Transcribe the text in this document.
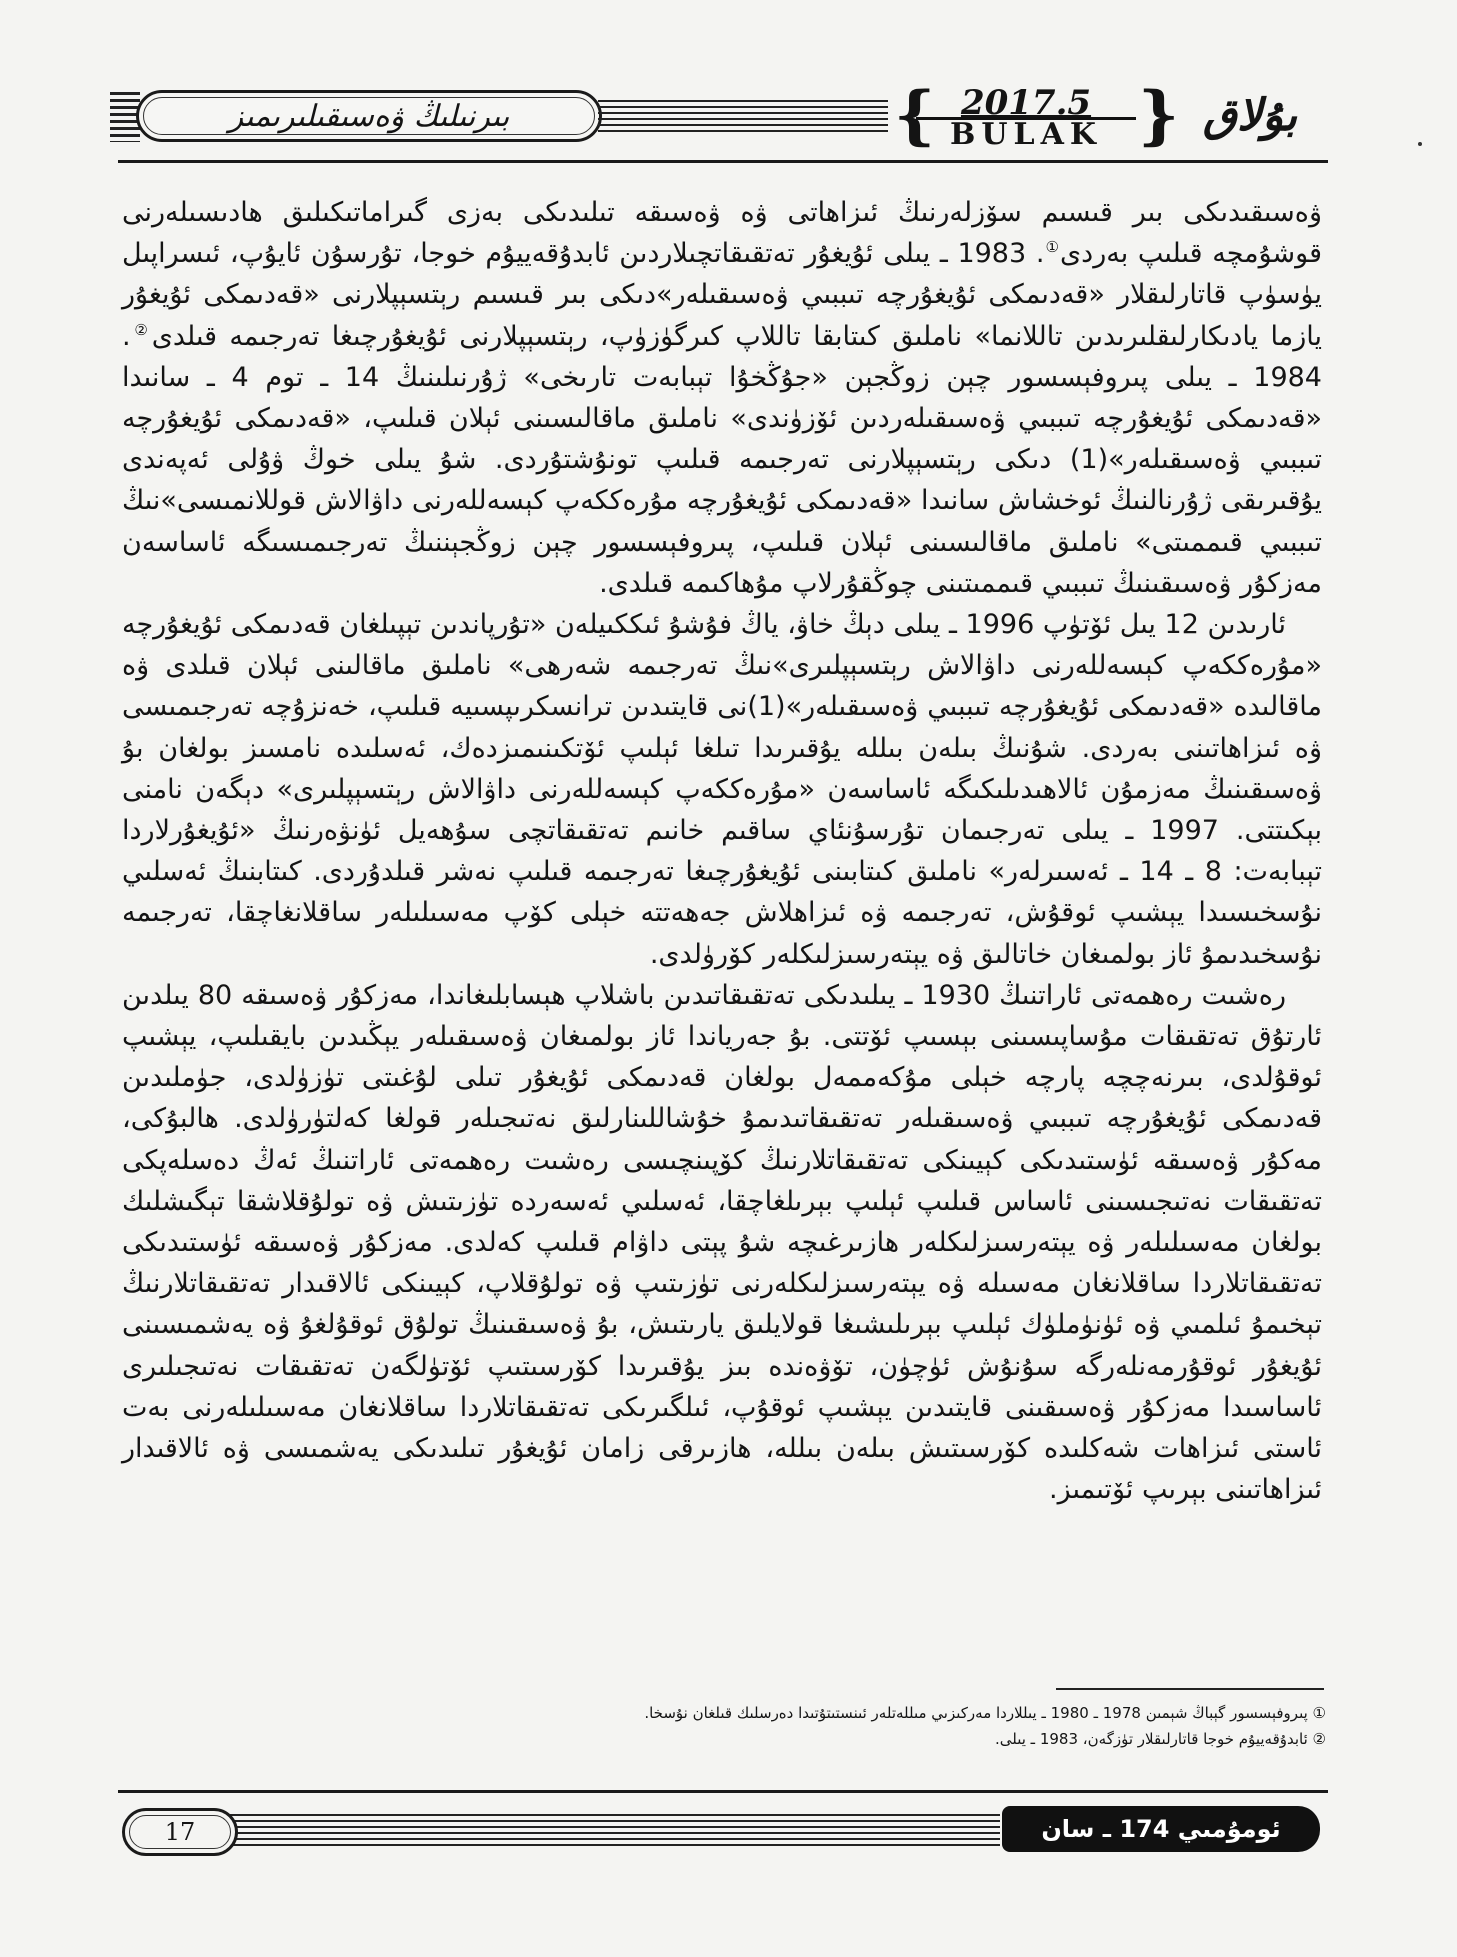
بىرنىلىڭ ۋەسىقىلىرىمىز	{ 2017.5
BULAK } بۇلاق

ۋەسىقىدىكى بىر قىسىم سۆزلەرنىڭ ئىزاھاتى ۋە ۋەسىقە تىلىدىكى بەزى گىراماتىكىلىق ھادىسىلەرنى قوشۇمچە قىلىپ بەردى①. 1983 ـ يىلى ئۇيغۇر تەتقىقاتچىلاردىن ئابدۇقەييۇم خوجا، تۇرسۇن ئايۇپ، ئىسراپىل يۈسۈپ قاتارلىقلار «قەدىمكى ئۇيغۇرچە تىببىي ۋەسىقىلەر»دىكى بىر قىسىم رېتسېپلارنى «قەدىمكى ئۇيغۇر يازما يادىكارلىقلىرىدىن تاللانما» ناملىق كىتابقا تاللاپ كىرگۈزۈپ، رېتسېپلارنى ئۇيغۇرچىغا تەرجىمە قىلدى②. 1984 ـ يىلى پىروفېسسور چېن زوڭجېن «جۇڭخۇا تېبابەت تارىخى» ژۇرنىلىنىڭ 14 ـ توم 4 ـ سانىدا «قەدىمكى ئۇيغۇرچە تىببىي ۋەسىقىلەردىن ئۆزۈندى» ناملىق ماقالىسىنى ئېلان قىلىپ، «قەدىمكى ئۇيغۇرچە تىببىي ۋەسىقىلەر»(1) دىكى رېتسېپلارنى تەرجىمە قىلىپ تونۇشتۇردى. شۇ يىلى خوڭ ۋۇلى ئەپەندى يۇقىرىقى ژۇرنالنىڭ ئوخشاش سانىدا «قەدىمكى ئۇيغۇرچە مۇرەككەپ كېسەللەرنى داۋالاش قوللانمىسى»نىڭ تىببىي قىممىتى» ناملىق ماقالىسىنى ئېلان قىلىپ، پىروفېسسور چېن زوڭجېننىڭ تەرجىمىسىگە ئاساسەن مەزكۇر ۋەسىقىنىڭ تىببىي قىممىتىنى چوڭقۇرلاپ مۇھاكىمە قىلدى.

ئارىدىن 12 يىل ئۆتۈپ 1996 ـ يىلى دېڭ خاۋ، ياڭ فۇشۇ ئىككىيلەن «تۇرپاندىن تېپىلغان قەدىمكى ئۇيغۇرچە «مۇرەككەپ كېسەللەرنى داۋالاش رېتسېپلىرى»نىڭ تەرجىمە شەرھى» ناملىق ماقالىنى ئېلان قىلدى ۋە ماقالىدە «قەدىمكى ئۇيغۇرچە تىببىي ۋەسىقىلەر»(1)نى قايتىدىن ترانسكرىپسىيە قىلىپ، خەنزۇچە تەرجىمىسى ۋە ئىزاھاتىنى بەردى. شۇنىڭ بىلەن بىللە يۇقىرىدا تىلغا ئېلىپ ئۆتكىنىمىزدەك، ئەسلىدە نامسىز بولغان بۇ ۋەسىقىنىڭ مەزمۇن ئالاھىدىلىكىگە ئاساسەن «مۇرەككەپ كېسەللەرنى داۋالاش رېتسېپلىرى» دېگەن نامنى بېكىتتى. 1997 ـ يىلى تەرجىمان تۇرسۇنئاي ساقىم خانىم تەتقىقاتچى سۇھەيل ئۈنۋەرنىڭ «ئۇيغۇرلاردا تېبابەت: 8 ـ 14 ـ ئەسىرلەر» ناملىق كىتابىنى ئۇيغۇرچىغا تەرجىمە قىلىپ نەشر قىلدۇردى. كىتابنىڭ ئەسلىي نۇسخىسىدا يېشىپ ئوقۇش، تەرجىمە ۋە ئىزاھلاش جەھەتتە خېلى كۆپ مەسىلىلەر ساقلانغاچقا، تەرجىمە نۇسخىدىمۇ ئاز بولمىغان خاتالىق ۋە يېتەرسىزلىكلەر كۆرۈلدى.

رەشىت رەھمەتى ئاراتنىڭ 1930 ـ يىلىدىكى تەتقىقاتىدىن باشلاپ ھېسابلىغاندا، مەزكۇر ۋەسىقە 80 يىلدىن ئارتۇق تەتقىقات مۇساپىسىنى بېسىپ ئۆتتى. بۇ جەرياندا ئاز بولمىغان ۋەسىقىلەر يېڭىدىن بايقىلىپ، يېشىپ ئوقۇلدى، بىرنەچچە پارچە خېلى مۇكەممەل بولغان قەدىمكى ئۇيغۇر تىلى لۇغىتى تۈزۈلدى، جۈملىدىن قەدىمكى ئۇيغۇرچە تىببىي ۋەسىقىلەر تەتقىقاتىدىمۇ خۇشاللىنارلىق نەتىجىلەر قولغا كەلتۈرۈلدى. ھالبۇكى، مەكۇر ۋەسىقە ئۈستىدىكى كېيىنكى تەتقىقاتلارنىڭ كۆپىنچىسى رەشىت رەھمەتى ئاراتنىڭ ئەڭ دەسلەپكى تەتقىقات نەتىجىسىنى ئاساس قىلىپ ئېلىپ بېرىلغاچقا، ئەسلىي ئەسەردە تۈزىتىش ۋە تولۇقلاشقا تېگىشلىك بولغان مەسىلىلەر ۋە يېتەرسىزلىكلەر ھازىرغىچە شۇ پېتى داۋام قىلىپ كەلدى. مەزكۇر ۋەسىقە ئۈستىدىكى تەتقىقاتلاردا ساقلانغان مەسىلە ۋە يېتەرسىزلىكلەرنى تۈزىتىپ ۋە تولۇقلاپ، كېيىنكى ئالاقىدار تەتقىقاتلارنىڭ تېخىمۇ ئىلمىي ۋە ئۈنۈملۈك ئېلىپ بېرىلىشىغا قولايلىق يارىتىش، بۇ ۋەسىقىنىڭ تولۇق ئوقۇلغۇ ۋە يەشمىسىنى ئۇيغۇر ئوقۇرمەنلەرگە سۇنۇش ئۈچۈن، تۆۋەندە بىز يۇقىرىدا كۆرسىتىپ ئۆتۈلگەن تەتقىقات نەتىجىلىرى ئاساسىدا مەزكۇر ۋەسىقىنى قايتىدىن يېشىپ ئوقۇپ، ئىلگىرىكى تەتقىقاتلاردا ساقلانغان مەسىلىلەرنى بەت ئاستى ئىزاھات شەكلىدە كۆرسىتىش بىلەن بىللە، ھازىرقى زامان ئۇيغۇر تىلىدىكى يەشمىسى ۋە ئالاقىدار ئىزاھاتىنى بېرىپ ئۆتىمىز.

① پىروفېسسور گېباڭ شېمىن 1978 ـ 1980 ـ يىللاردا مەركىزىي مىللەتلەر ئىنستىتۇتىدا دەرسلىك قىلغان نۇسخا.

② ئابدۇقەييۇم خوجا قاتارلىقلار تۈزگەن، 1983 ـ يىلى.

17	ئومۇمىي 174 ـ سان
